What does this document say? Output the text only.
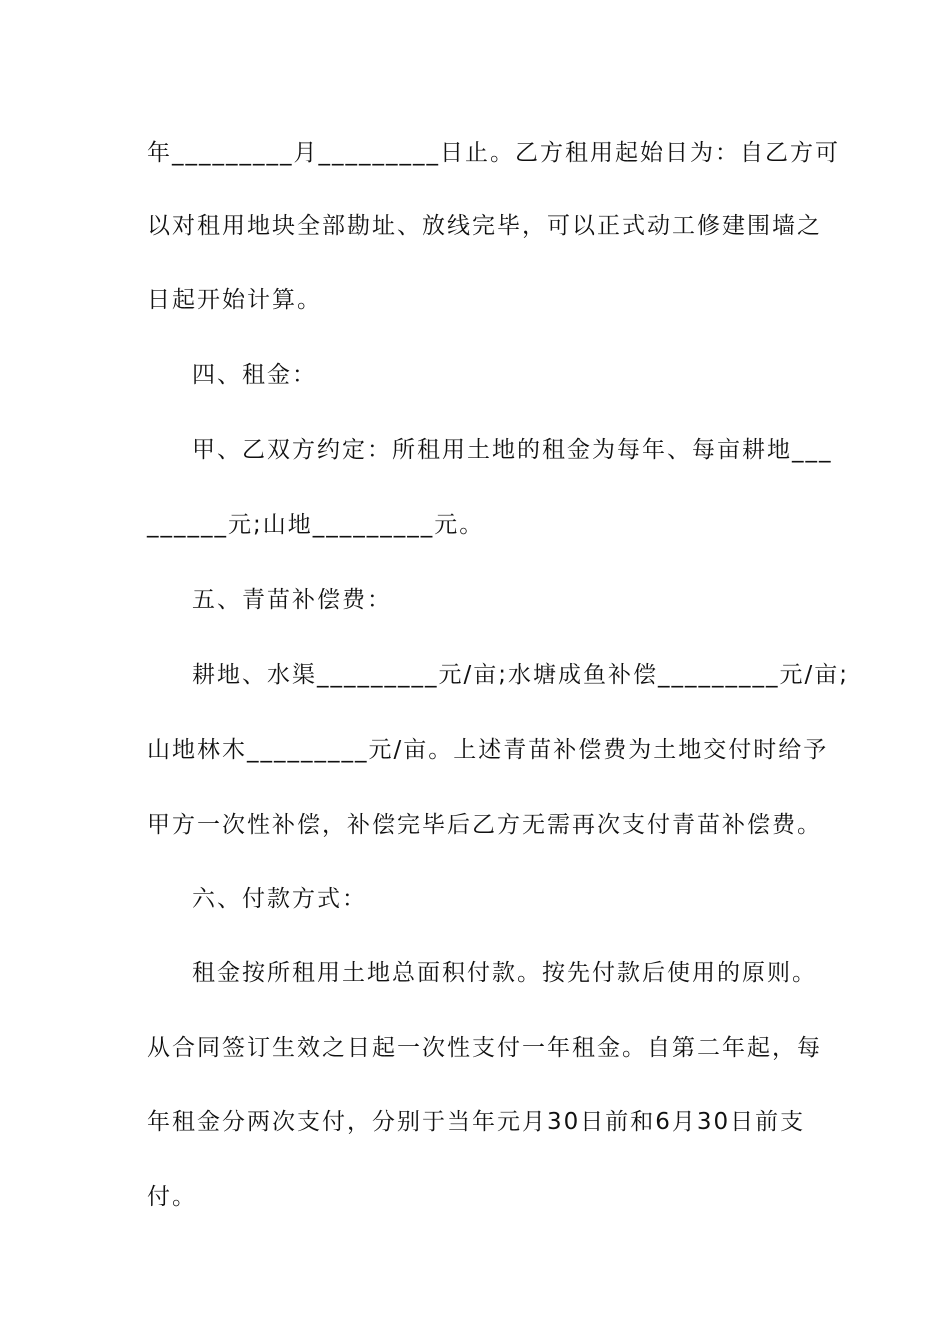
年_________月_________日止。乙方租用起始日为：自乙方可
以对租用地块全部勘址、放线完毕，可以正式动工修建围墙之
日起开始计算。
四、租金：
甲、乙双方约定：所租用土地的租金为每年、每亩耕地___
______元;山地_________元。
五、青苗补偿费：
耕地、水渠_________元/亩;水塘成鱼补偿_________元/亩;
山地林木_________元/亩。上述青苗补偿费为土地交付时给予
甲方一次性补偿，补偿完毕后乙方无需再次支付青苗补偿费。
六、付款方式：
租金按所租用土地总面积付款。按先付款后使用的原则。
从合同签订生效之日起一次性支付一年租金。自第二年起，每
年租金分两次支付，分别于当年元月30日前和6月30日前支
付。
